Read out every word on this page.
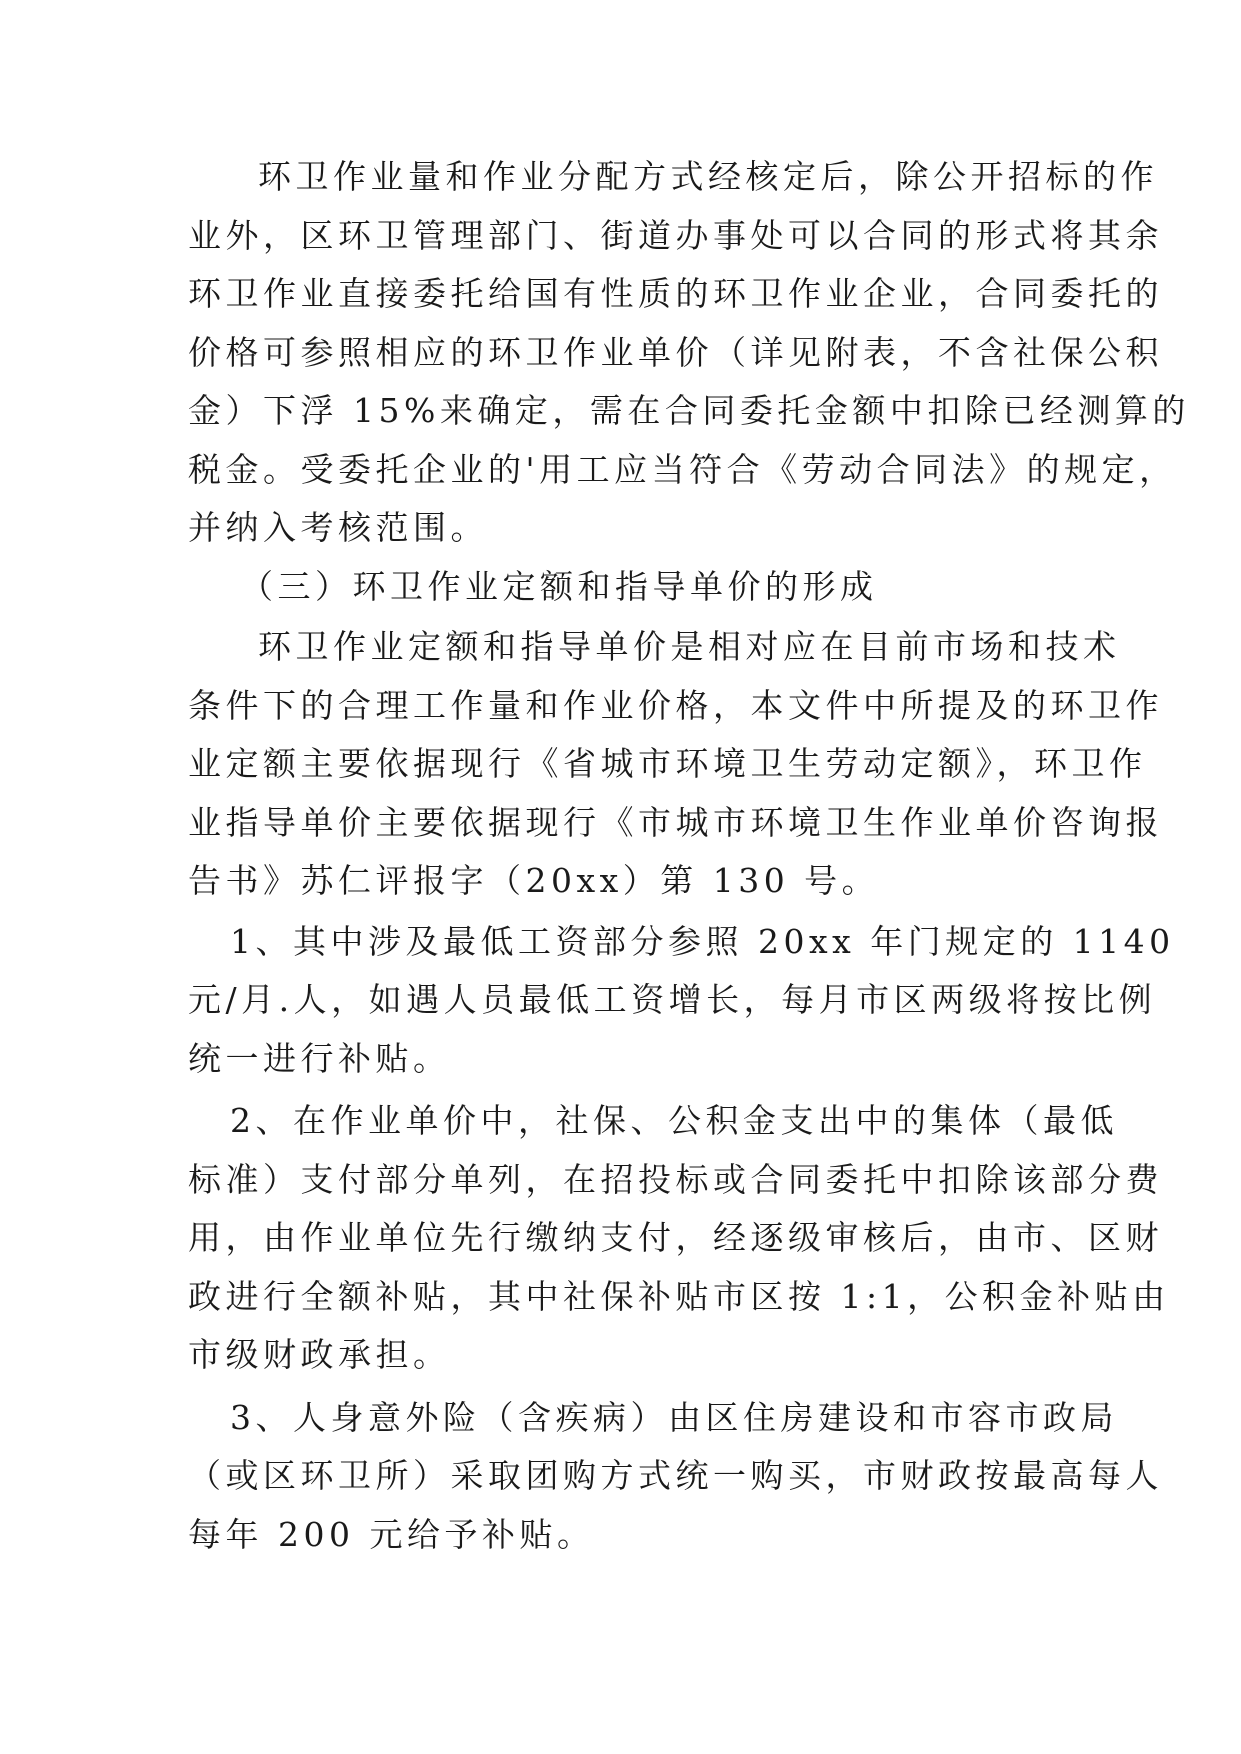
环卫作业量和作业分配方式经核定后，除公开招标的作
业外，区环卫管理部门、街道办事处可以合同的形式将其余
环卫作业直接委托给国有性质的环卫作业企业，合同委托的
价格可参照相应的环卫作业单价（详见附表，不含社保公积
金）下浮 15%来确定，需在合同委托金额中扣除已经测算的
税金。受委托企业的'用工应当符合《劳动合同法》的规定，
并纳入考核范围。

（三）环卫作业定额和指导单价的形成

环卫作业定额和指导单价是相对应在目前市场和技术
条件下的合理工作量和作业价格，本文件中所提及的环卫作
业定额主要依据现行《省城市环境卫生劳动定额》，环卫作
业指导单价主要依据现行《市城市环境卫生作业单价咨询报
告书》苏仁评报字（20xx）第 130 号。

1、其中涉及最低工资部分参照 20xx 年门规定的 1140
元/月.人，如遇人员最低工资增长，每月市区两级将按比例
统一进行补贴。

2、在作业单价中，社保、公积金支出中的集体（最低
标准）支付部分单列，在招投标或合同委托中扣除该部分费
用，由作业单位先行缴纳支付，经逐级审核后，由市、区财
政进行全额补贴，其中社保补贴市区按 1:1，公积金补贴由
市级财政承担。

3、人身意外险（含疾病）由区住房建设和市容市政局
（或区环卫所）采取团购方式统一购买，市财政按最高每人
每年 200 元给予补贴。
